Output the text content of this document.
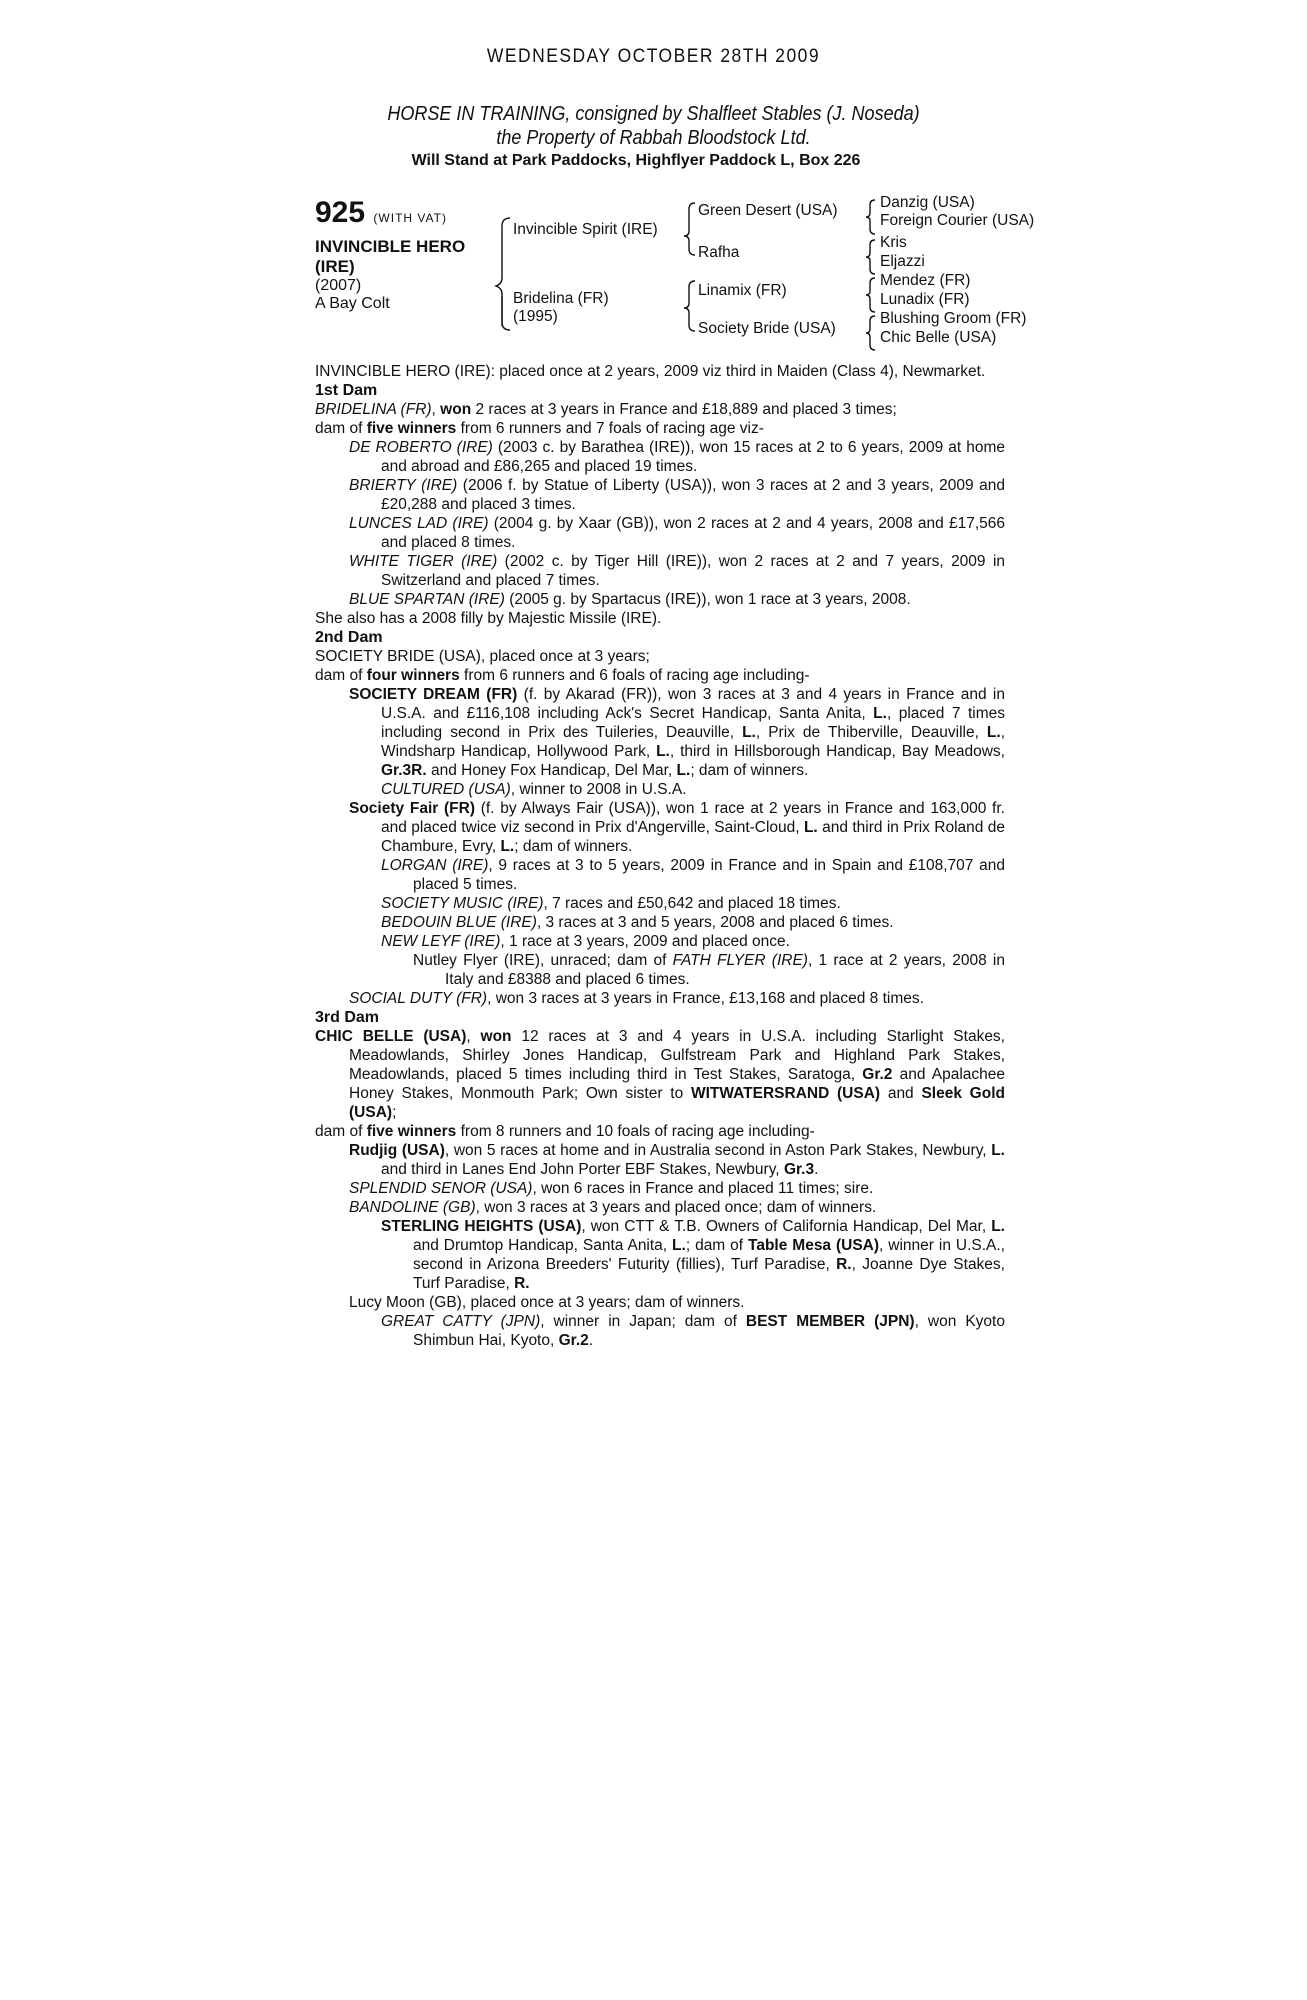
WEDNESDAY OCTOBER 28TH 2009
HORSE IN TRAINING, consigned by Shalfleet Stables (J. Noseda)
the Property of Rabbah Bloodstock Ltd.
Will Stand at Park Paddocks, Highflyer Paddock L, Box 226
925 (WITH VAT)
INVINCIBLE HERO
(IRE)
(2007)
A Bay Colt
Invincible Spirit (IRE)
Bridelina (FR)
(1995)
Green Desert (USA)
Rafha
Linamix (FR)
Society Bride (USA)
Danzig (USA)
Foreign Courier (USA)
Kris
Eljazzi
Mendez (FR)
Lunadix (FR)
Blushing Groom (FR)
Chic Belle (USA)

INVINCIBLE HERO (IRE): placed once at 2 years, 2009 viz third in Maiden (Class 4), Newmarket.

1st Dam

BRIDELINA (FR), won 2 races at 3 years in France and £18,889 and placed 3 times;

dam of five winners from 6 runners and 7 foals of racing age viz-

DE ROBERTO (IRE) (2003 c. by Barathea (IRE)), won 15 races at 2 to 6 years, 2009 at home and abroad and £86,265 and placed 19 times.

BRIERTY (IRE) (2006 f. by Statue of Liberty (USA)), won 3 races at 2 and 3 years, 2009 and £20,288 and placed 3 times.

LUNCES LAD (IRE) (2004 g. by Xaar (GB)), won 2 races at 2 and 4 years, 2008 and £17,566 and placed 8 times.

WHITE TIGER (IRE) (2002 c. by Tiger Hill (IRE)), won 2 races at 2 and 7 years, 2009 in Switzerland and placed 7 times.

BLUE SPARTAN (IRE) (2005 g. by Spartacus (IRE)), won 1 race at 3 years, 2008.

She also has a 2008 filly by Majestic Missile (IRE).

2nd Dam

SOCIETY BRIDE (USA), placed once at 3 years;

dam of four winners from 6 runners and 6 foals of racing age including-

SOCIETY DREAM (FR) (f. by Akarad (FR)), won 3 races at 3 and 4 years in France and in U.S.A. and £116,108 including Ack's Secret Handicap, Santa Anita, L., placed 7 times including second in Prix des Tuileries, Deauville, L., Prix de Thiberville, Deauville, L., Windsharp Handicap, Hollywood Park, L., third in Hillsborough Handicap, Bay Meadows, Gr.3R. and Honey Fox Handicap, Del Mar, L.; dam of winners.

CULTURED (USA), winner to 2008 in U.S.A.

Society Fair (FR) (f. by Always Fair (USA)), won 1 race at 2 years in France and 163,000 fr. and placed twice viz second in Prix d'Angerville, Saint-Cloud, L. and third in Prix Roland de Chambure, Evry, L.; dam of winners.

LORGAN (IRE), 9 races at 3 to 5 years, 2009 in France and in Spain and £108,707 and placed 5 times.

SOCIETY MUSIC (IRE), 7 races and £50,642 and placed 18 times.

BEDOUIN BLUE (IRE), 3 races at 3 and 5 years, 2008 and placed 6 times.

NEW LEYF (IRE), 1 race at 3 years, 2009 and placed once.

Nutley Flyer (IRE), unraced; dam of FATH FLYER (IRE), 1 race at 2 years, 2008 in Italy and £8388 and placed 6 times.

SOCIAL DUTY (FR), won 3 races at 3 years in France, £13,168 and placed 8 times.

3rd Dam

CHIC BELLE (USA), won 12 races at 3 and 4 years in U.S.A. including Starlight Stakes, Meadowlands, Shirley Jones Handicap, Gulfstream Park and Highland Park Stakes, Meadowlands, placed 5 times including third in Test Stakes, Saratoga, Gr.2 and Apalachee Honey Stakes, Monmouth Park; Own sister to WITWATERSRAND (USA) and Sleek Gold (USA);

dam of five winners from 8 runners and 10 foals of racing age including-

Rudjig (USA), won 5 races at home and in Australia second in Aston Park Stakes, Newbury, L. and third in Lanes End John Porter EBF Stakes, Newbury, Gr.3.

SPLENDID SENOR (USA), won 6 races in France and placed 11 times; sire.

BANDOLINE (GB), won 3 races at 3 years and placed once; dam of winners.

STERLING HEIGHTS (USA), won CTT & T.B. Owners of California Handicap, Del Mar, L. and Drumtop Handicap, Santa Anita, L.; dam of Table Mesa (USA), winner in U.S.A., second in Arizona Breeders' Futurity (fillies), Turf Paradise, R., Joanne Dye Stakes, Turf Paradise, R.

Lucy Moon (GB), placed once at 3 years; dam of winners.

GREAT CATTY (JPN), winner in Japan; dam of BEST MEMBER (JPN), won Kyoto Shimbun Hai, Kyoto, Gr.2.
